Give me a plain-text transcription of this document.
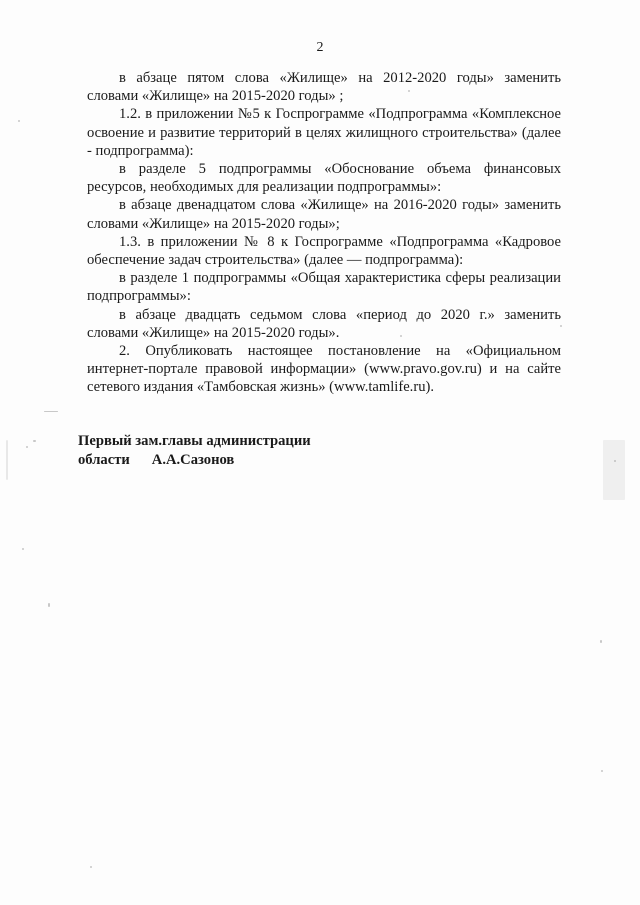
2

в абзаце пятом слова «Жилище» на 2012-2020 годы» заменить словами «Жилище» на 2015-2020 годы» ;

1.2. в приложении №5 к Госпрограмме «Подпрограмма «Комплексное освоение и развитие территорий в целях жилищного строительства» (далее - подпрограмма):

в разделе 5 подпрограммы «Обоснование объема финансовых ресурсов, необходимых для реализации подпрограммы»:

в абзаце двенадцатом слова «Жилище» на 2016-2020 годы» заменить словами «Жилище» на 2015-2020 годы»;

1.3. в приложении № 8 к Госпрограмме «Подпрограмма «Кадровое обеспечение задач строительства» (далее — подпрограмма):

в разделе 1 подпрограммы «Общая характеристика сферы реализации подпрограммы»:

в абзаце двадцать седьмом слова «период до 2020 г.» заменить словами «Жилище» на 2015-2020 годы».

2. Опубликовать настоящее постановление на «Официальном интернет-портале правовой информации» (www.pravo.gov.ru) и на сайте сетевого издания «Тамбовская жизнь» (www.tamlife.ru).

Первый зам.главы администрации
области А.А.Сазонов
